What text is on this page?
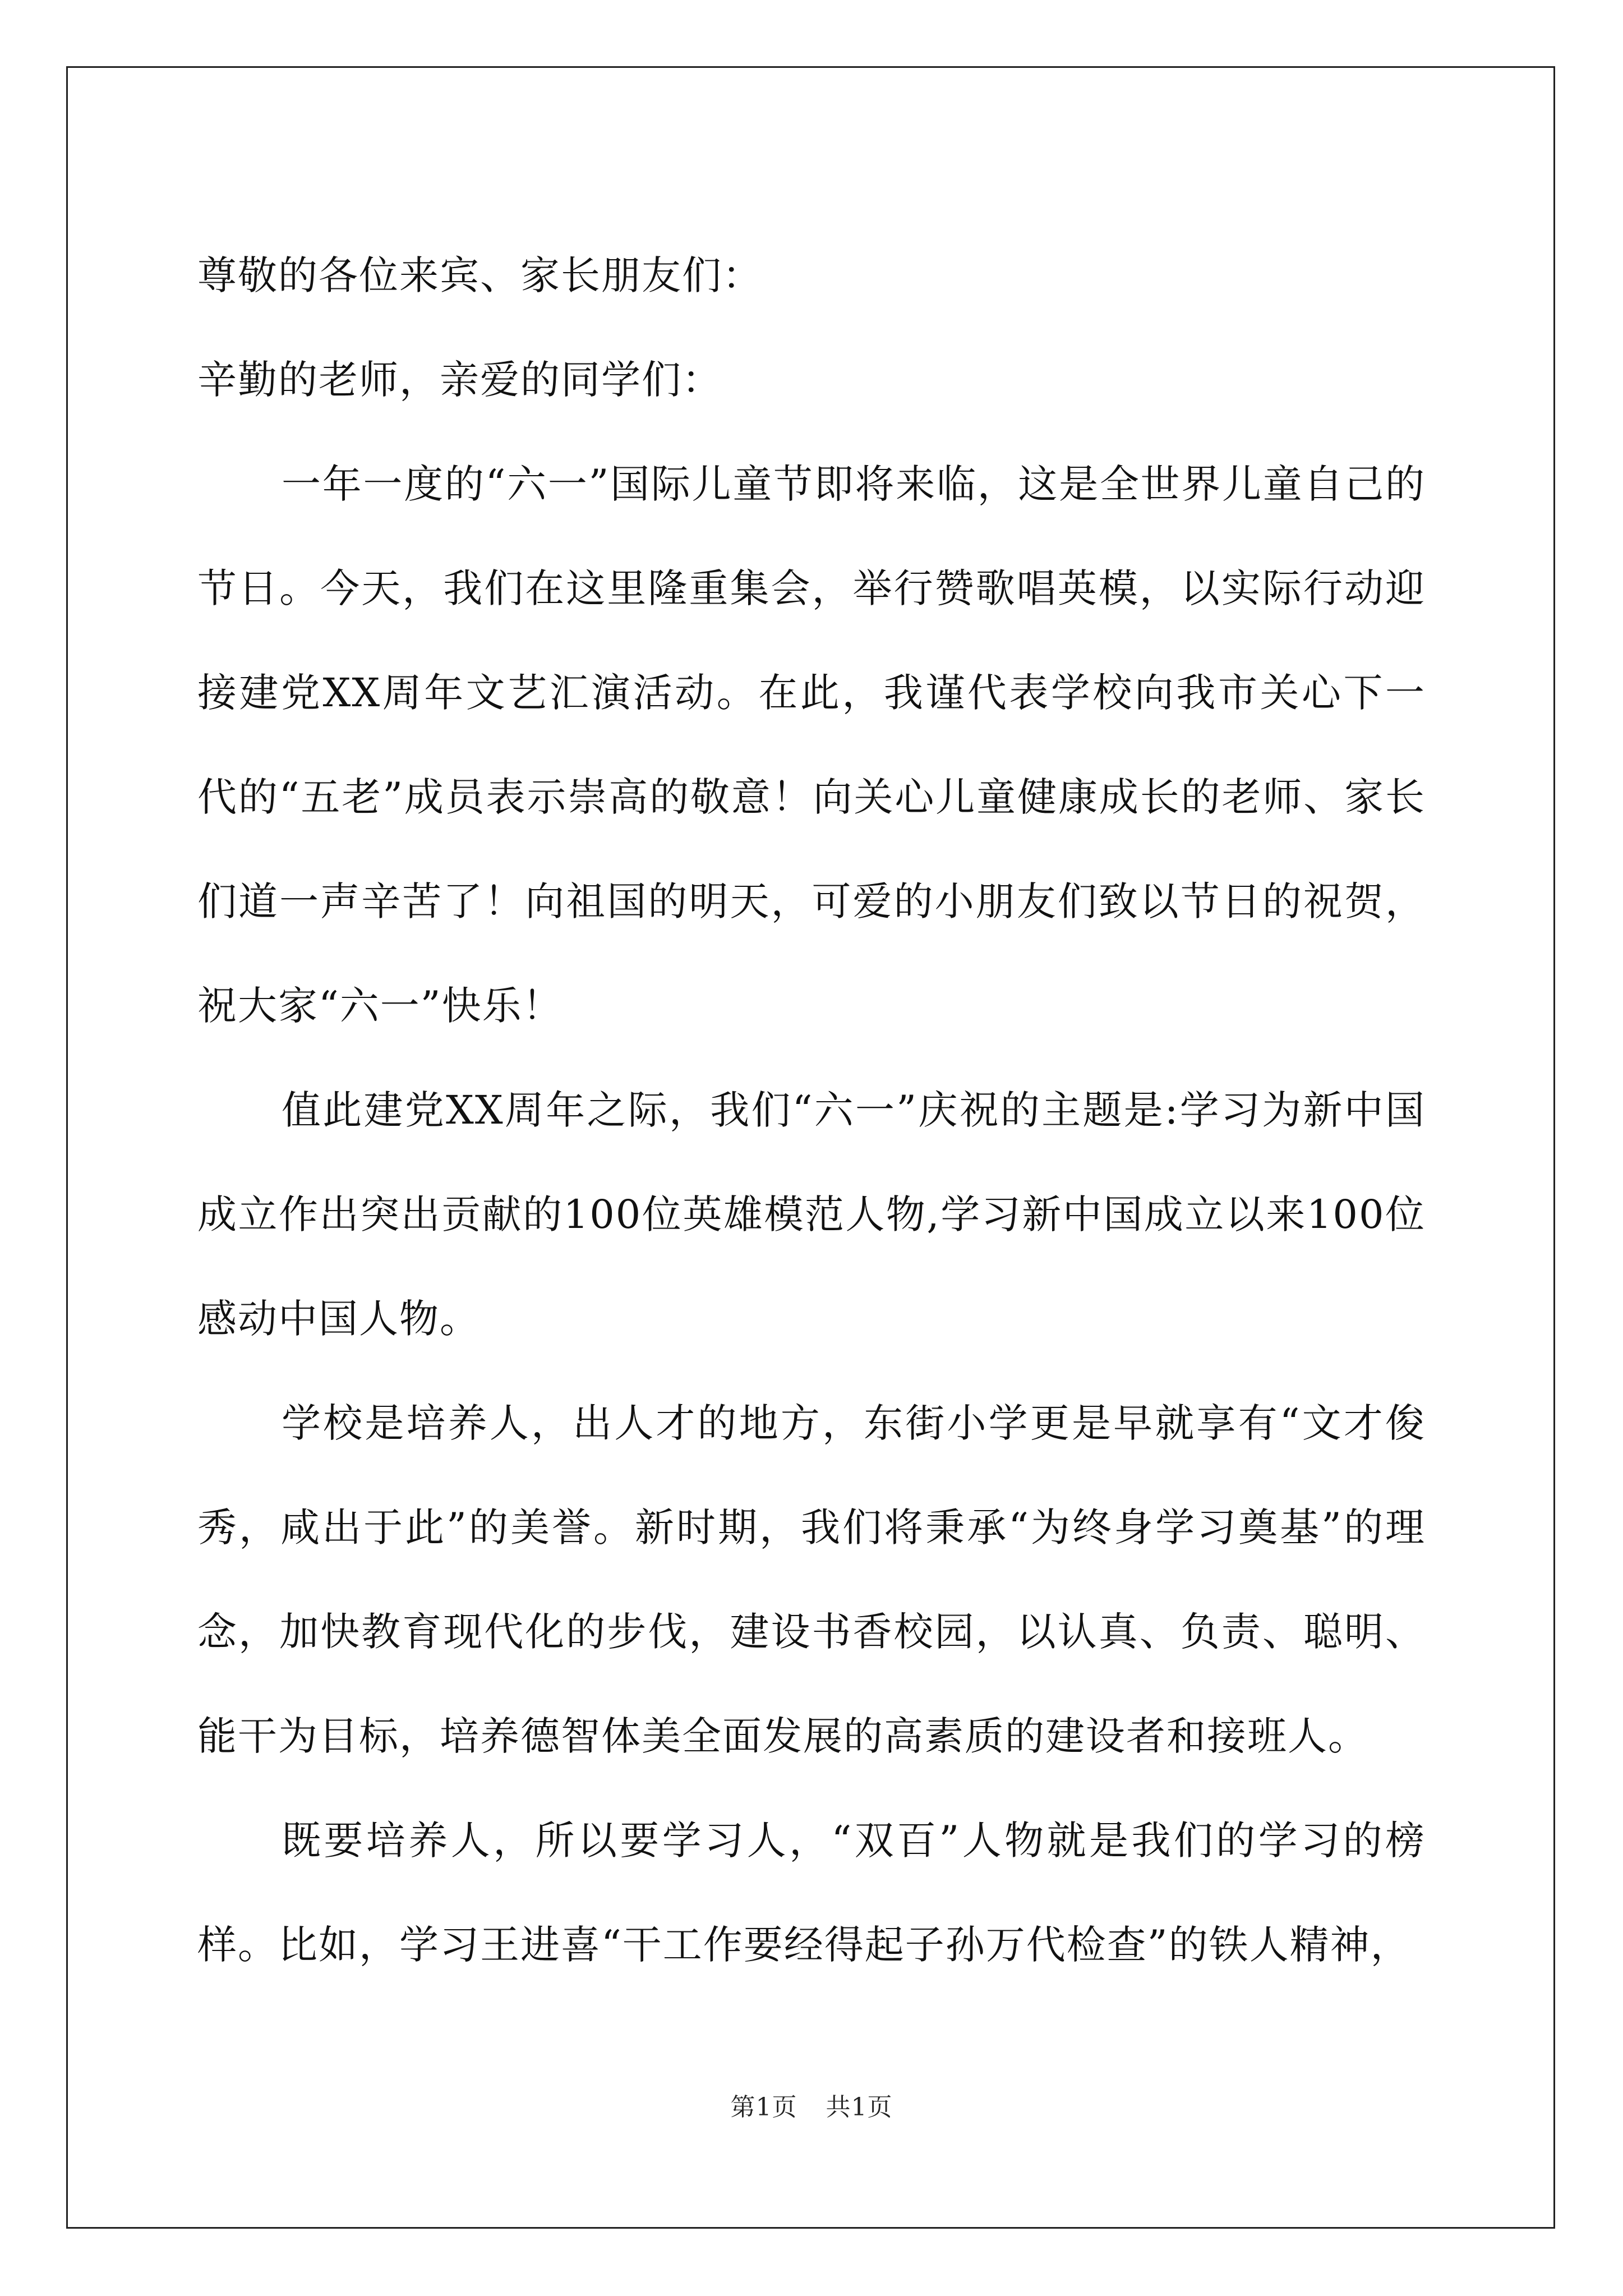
尊敬的各位来宾、家长朋友们：

辛勤的老师，亲爱的同学们：

一年一度的“六一”国际儿童节即将来临，这是全世界儿童自己的节日。今天，我们在这里隆重集会，举行赞歌唱英模，以实际行动迎接建党XX周年文艺汇演活动。在此，我谨代表学校向我市关心下一代的“五老”成员表示崇高的敬意！向关心儿童健康成长的老师、家长们道一声辛苦了！向祖国的明天，可爱的小朋友们致以节日的祝贺，祝大家“六一”快乐！

值此建党XX周年之际，我们“六一”庆祝的主题是:学习为新中国成立作出突出贡献的100位英雄模范人物,学习新中国成立以来100位感动中国人物。

学校是培养人，出人才的地方，东街小学更是早就享有“文才俊秀，咸出于此”的美誉。新时期，我们将秉承“为终身学习奠基”的理念，加快教育现代化的步伐，建设书香校园，以认真、负责、聪明、能干为目标，培养德智体美全面发展的高素质的建设者和接班人。

既要培养人，所以要学习人，“双百”人物就是我们的学习的榜样。比如，学习王进喜“干工作要经得起子孙万代检查”的铁人精神，

第1页 共1页
